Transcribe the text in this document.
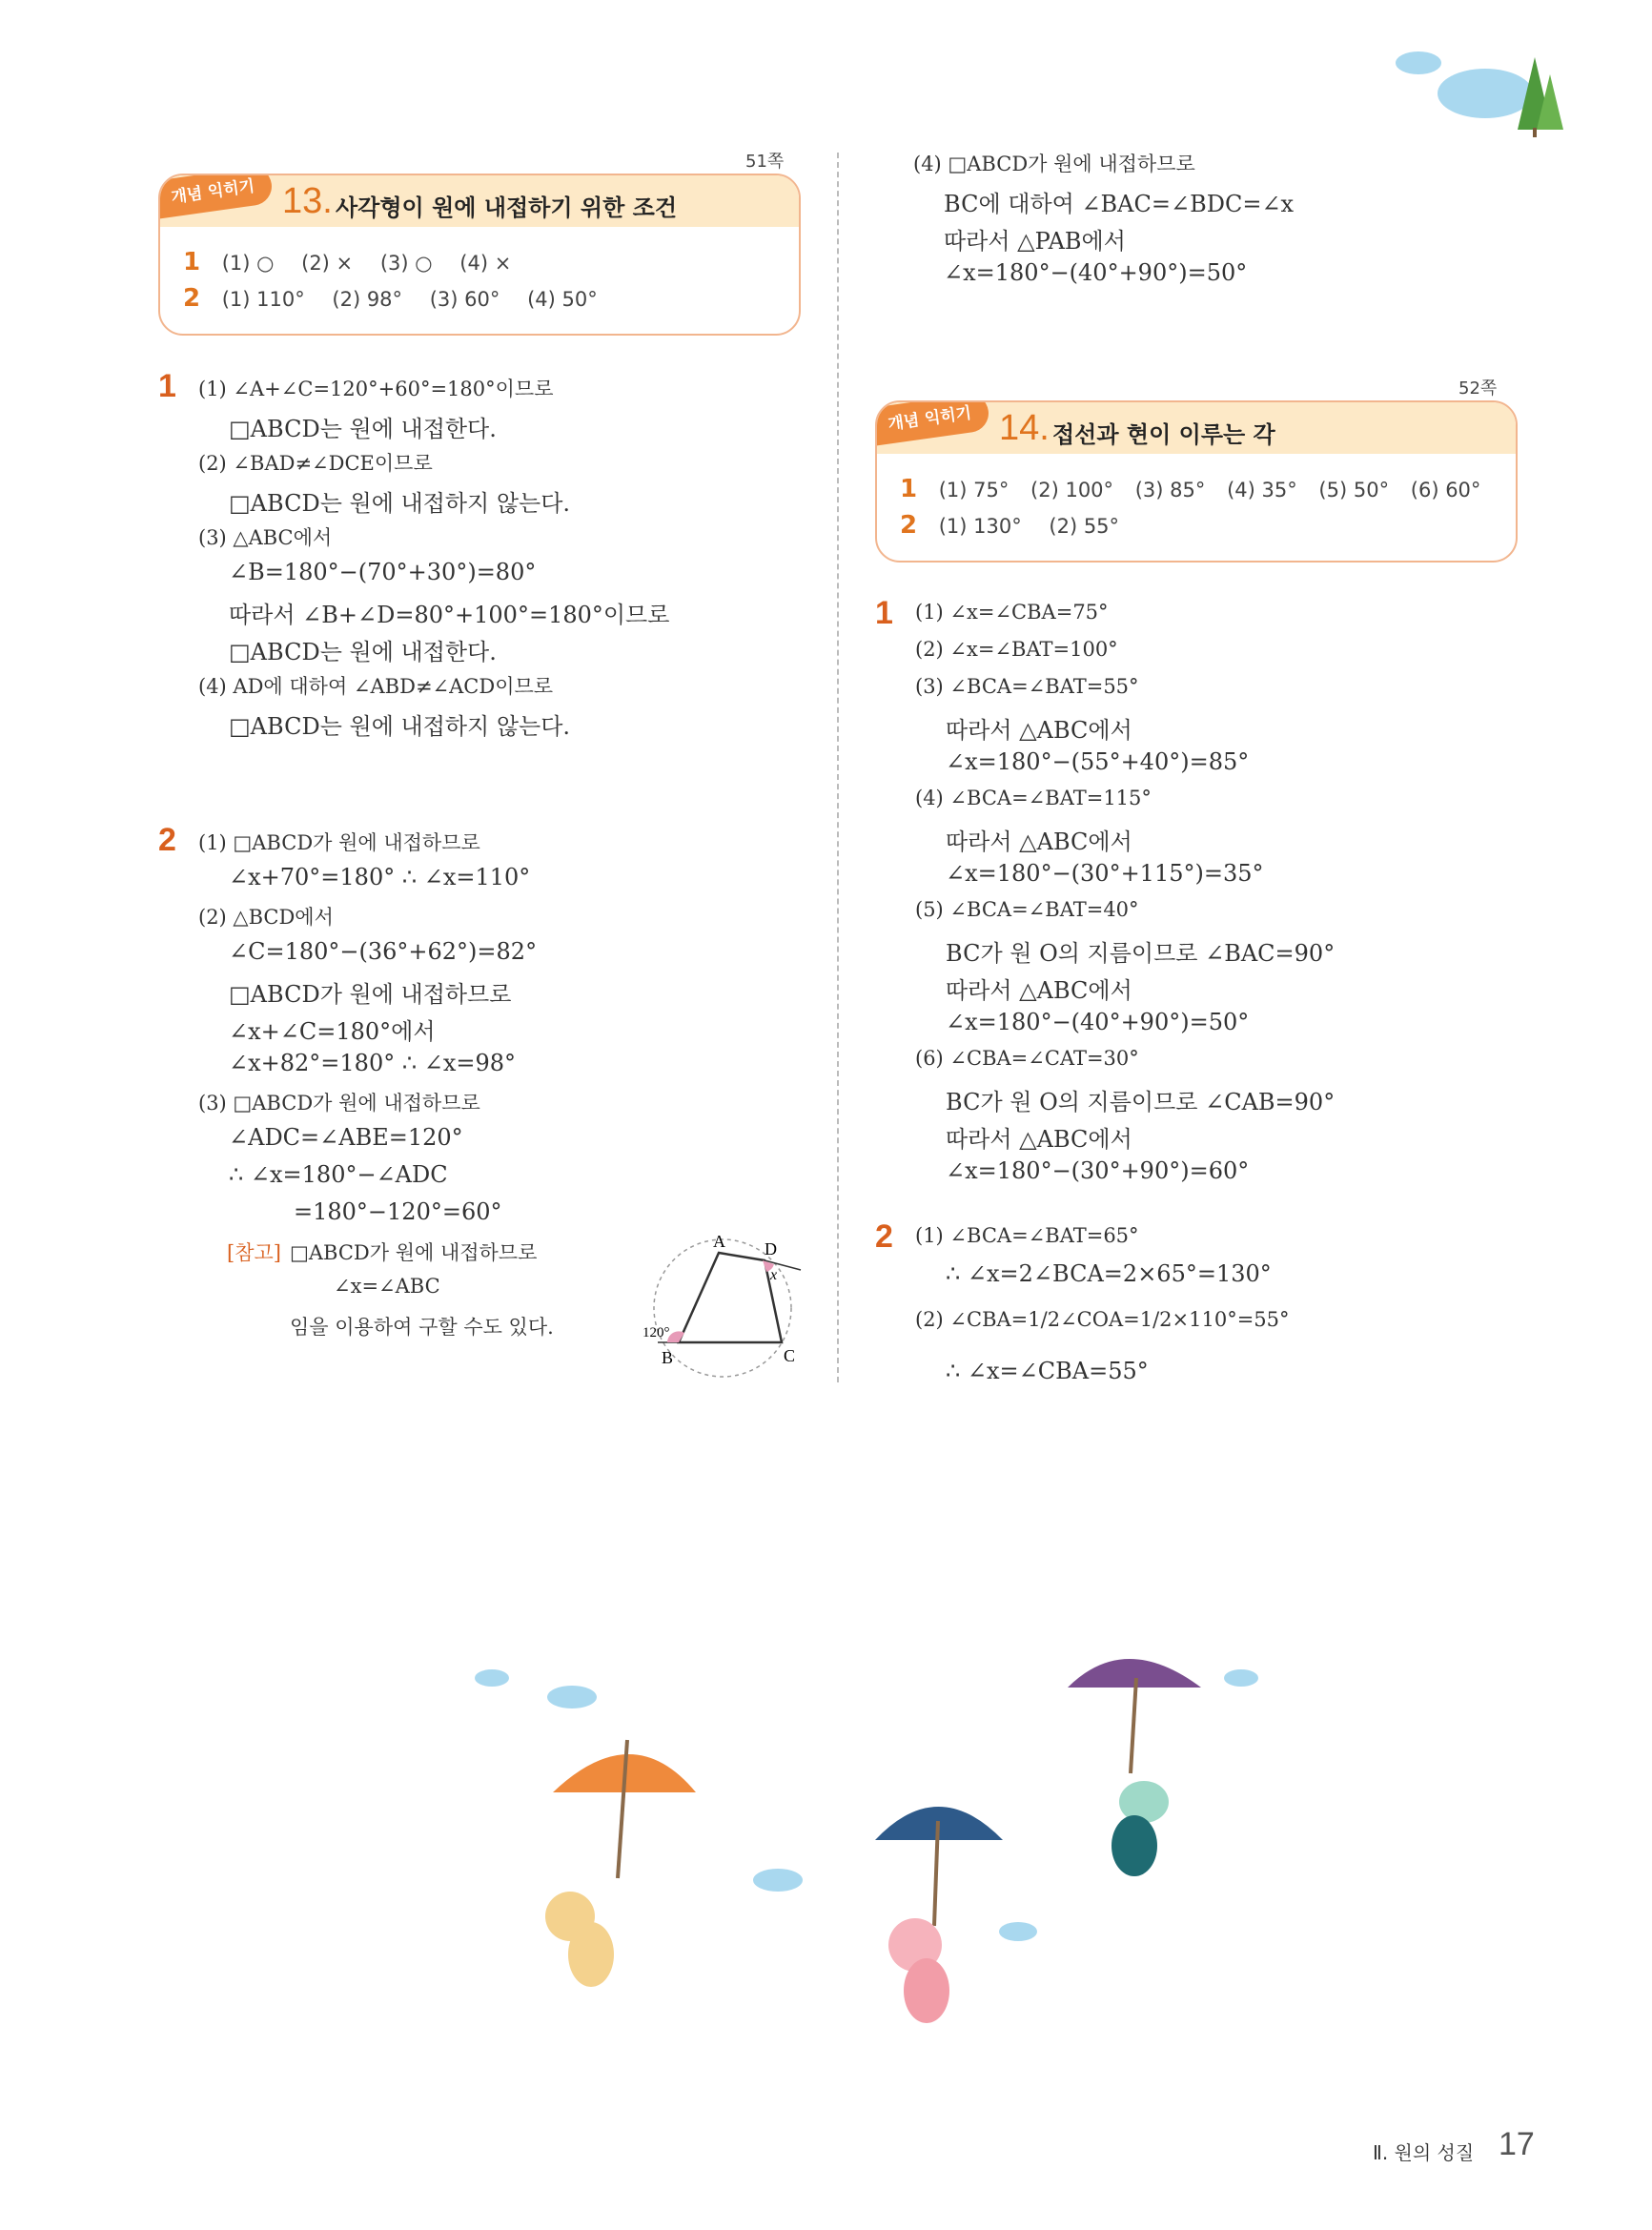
51쪽
개념 익히기 13. 사각형이 원에 내접하기 위한 조건
1 (1) ○ (2) × (3) ○ (4) ×
2 (1) 110° (2) 98° (3) 60° (4) 50°
1 (1) ∠A+∠C=120°+60°=180°이므로
□ABCD는 원에 내접한다.
(2) ∠BAD≠∠DCE이므로
□ABCD는 원에 내접하지 않는다.
(3) △ABC에서
∠B=180°−(70°+30°)=80°
따라서 ∠B+∠D=80°+100°=180°이므로
□ABCD는 원에 내접한다.
(4) AD에 대하여 ∠ABD≠∠ACD이므로
□ABCD는 원에 내접하지 않는다.
2 (1) □ABCD가 원에 내접하므로
∠x+70°=180° ∴ ∠x=110°
(2) △BCD에서
∠C=180°−(36°+62°)=82°
□ABCD가 원에 내접하므로
∠x+∠C=180°에서
∠x+82°=180° ∴ ∠x=98°
(3) □ABCD가 원에 내접하므로
∠ADC=∠ABE=120°
∴ ∠x=180°−∠ADC
=180°−120°=60°
[참고] □ABCD가 원에 내접하므로
∠x=∠ABC
임을 이용하여 구할 수도 있다.
A D
x
120°
B	C
(4) □ABCD가 원에 내접하므로
BC에 대하여 ∠BAC=∠BDC=∠x
따라서 △PAB에서
∠x=180°−(40°+90°)=50°
52쪽
개념 익히기 14. 접선과 현이 이루는 각
1 (1) 75° (2) 100° (3) 85° (4) 35° (5) 50° (6) 60°
2 (1) 130° (2) 55°
1 (1) ∠x=∠CBA=75°
(2) ∠x=∠BAT=100°
(3) ∠BCA=∠BAT=55°
따라서 △ABC에서
∠x=180°−(55°+40°)=85°
(4) ∠BCA=∠BAT=115°
따라서 △ABC에서
∠x=180°−(30°+115°)=35°
(5) ∠BCA=∠BAT=40°
BC가 원 O의 지름이므로 ∠BAC=90°
따라서 △ABC에서
∠x=180°−(40°+90°)=50°
(6) ∠CBA=∠CAT=30°
BC가 원 O의 지름이므로 ∠CAB=90°
따라서 △ABC에서
∠x=180°−(30°+90°)=60°
2 (1) ∠BCA=∠BAT=65°
∴ ∠x=2∠BCA=2×65°=130°
(2) ∠CBA=1/2∠COA=1/2×110°=55°
∴ ∠x=∠CBA=55°
Ⅱ. 원의 성질 17
